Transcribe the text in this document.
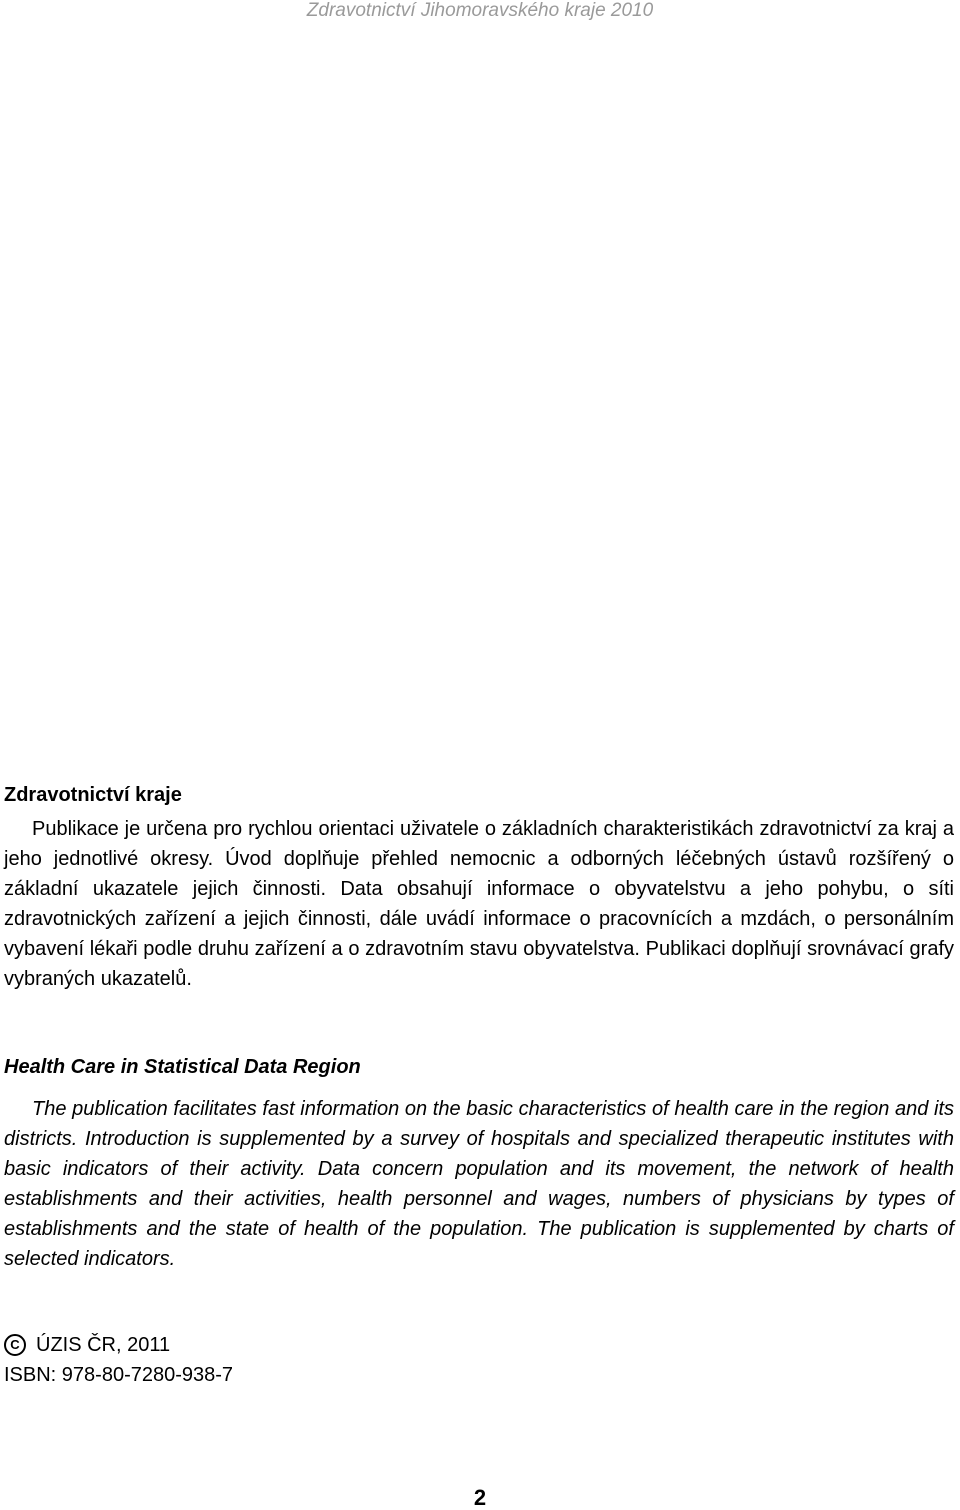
Zdravotnictví Jihomoravského kraje 2010

Zdravotnictví kraje

Publikace je určena pro rychlou orientaci uživatele o základních charakteristikách zdravotnictví za kraj a jeho jednotlivé okresy. Úvod doplňuje přehled nemocnic a odborných léčebných ústavů rozšířený o základní ukazatele jejich činnosti. Data obsahují informace o obyvatelstvu a jeho pohybu, o síti zdravotnických zařízení a jejich činnosti, dále uvádí informace o pracovnících a mzdách, o personálním vybavení lékaři podle druhu zařízení a o zdravotním stavu obyvatelstva. Publikaci doplňují srovnávací grafy vybraných ukazatelů.

Health Care in Statistical Data Region

The publication facilitates fast information on the basic characteristics of health care in the region and its districts. Introduction is supplemented by a survey of hospitals and specialized therapeutic institutes with basic indicators of their activity. Data concern population and its movement, the network of health establishments and their activities, health personnel and wages, numbers of physicians by types of establishments and the state of health of the population. The publication is supplemented by charts of selected indicators.

C ÚZIS ČR, 2011
ISBN: 978-80-7280-938-7
2
